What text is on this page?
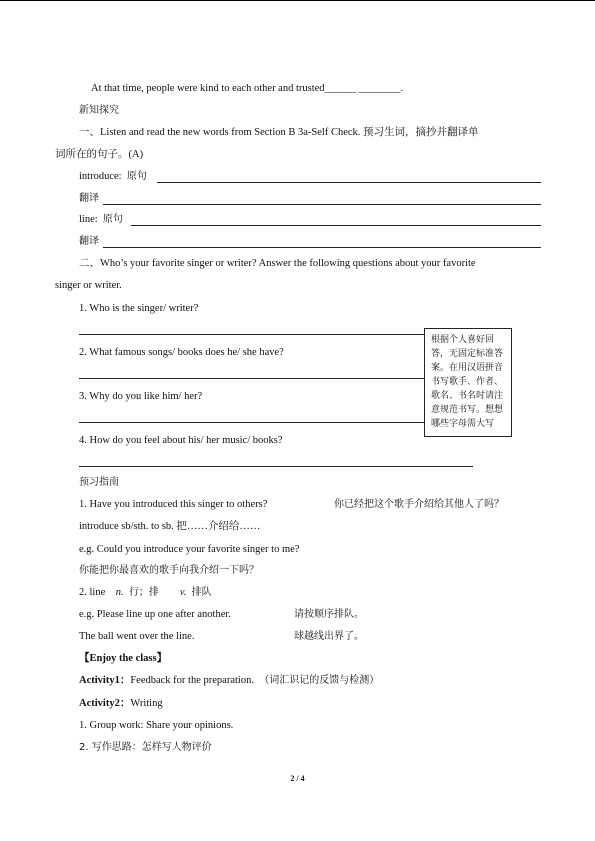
At that time, people were kind to each other and trusted______ ________.
新知探究
一、Listen and read the new words from Section B 3a-Self Check. 预习生词，摘抄并翻译单
词所在的句子。(A)
introduce: 原句
翻译
line: 原句
翻译
二、Who’s your favorite singer or writer? Answer the following questions about your favorite
singer or writer.
1. Who is the singer/ writer?
2. What famous songs/ books does he/ she have?
3. Why do you like him/ her?
4. How do you feel about his/ her music/ books?
根据个人喜好回答，无固定标准答案。在用汉语拼音书写歌手、作者、歌名、书名时请注意规范书写。想想哪些字母需大写
预习指南
1. Have you introduced this singer to others?	你已经把这个歌手介绍给其他人了吗？
introduce sb/sth. to sb. 把……介绍给……
e.g. Could you introduce your favorite singer to me?
你能把你最喜欢的歌手向我介绍一下吗？
2. line n. 行；排 v. 排队
e.g. Please line up one after another.	请按顺序排队。
The ball went over the line.	球越线出界了。
【Enjoy the class】
Activity1：Feedback for the preparation. （词汇识记的反馈与检测）
Activity2：Writing
1. Group work: Share your opinions.
2. 写作思路：怎样写人物评价
2 / 4
